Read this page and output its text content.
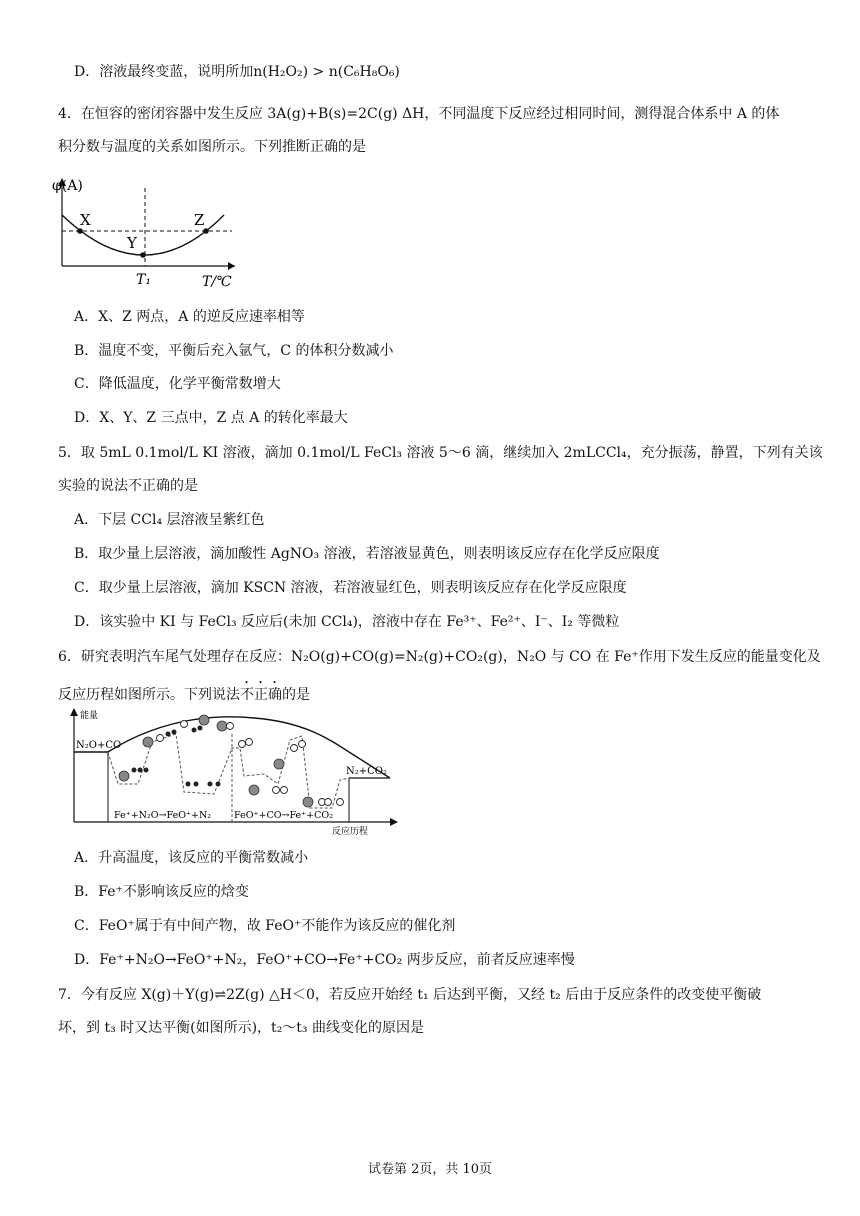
D．溶液最终变蓝，说明所加n(H₂O₂) > n(C₆H₈O₆)
4．在恒容的密闭容器中发生反应 3A(g)+B(s)=2C(g) ΔH，不同温度下反应经过相同时间，测得混合体系中 A 的体
积分数与温度的关系如图所示。下列推断正确的是
φ(A)
X
Y
Z
T₁	T/℃
A．X、Z 两点，A 的逆反应速率相等
B．温度不变，平衡后充入氩气，C 的体积分数减小
C．降低温度，化学平衡常数增大
D．X、Y、Z 三点中，Z 点 A 的转化率最大
5．取 5mL 0.1mol/L KI 溶液，滴加 0.1mol/L FeCl₃ 溶液 5～6 滴，继续加入 2mLCCl₄，充分振荡，静置，下列有关该
实验的说法不正确的是
A．下层 CCl₄ 层溶液呈紫红色
B．取少量上层溶液，滴加酸性 AgNO₃ 溶液，若溶液显黄色，则表明该反应存在化学反应限度
C．取少量上层溶液，滴加 KSCN 溶液，若溶液显红色，则表明该反应存在化学反应限度
D．该实验中 KI 与 FeCl₃ 反应后(未加 CCl₄)，溶液中存在 Fe³⁺、Fe²⁺、I⁻、I₂ 等微粒
6．研究表明汽车尾气处理存在反应：N₂O(g)+CO(g)=N₂(g)+CO₂(g)，N₂O 与 CO 在 Fe⁺作用下发生反应的能量变化及
反应历程如图所示。下列说法不正确的是
能量
反应历程
N₂O+CO
N₂+CO₂
Fe⁺+N₂O→FeO⁺+N₂ FeO⁺+CO→Fe⁺+CO₂
A．升高温度，该反应的平衡常数减小
B．Fe⁺不影响该反应的焓变
C．FeO⁺属于有中间产物，故 FeO⁺不能作为该反应的催化剂
D．Fe⁺+N₂O→FeO⁺+N₂，FeO⁺+CO→Fe⁺+CO₂ 两步反应，前者反应速率慢
7．今有反应 X(g)＋Y(g)⇌2Z(g) △H＜0，若反应开始经 t₁ 后达到平衡，又经 t₂ 后由于反应条件的改变使平衡破
坏，到 t₃ 时又达平衡(如图所示)，t₂～t₃ 曲线变化的原因是
试卷第 2页，共 10页
